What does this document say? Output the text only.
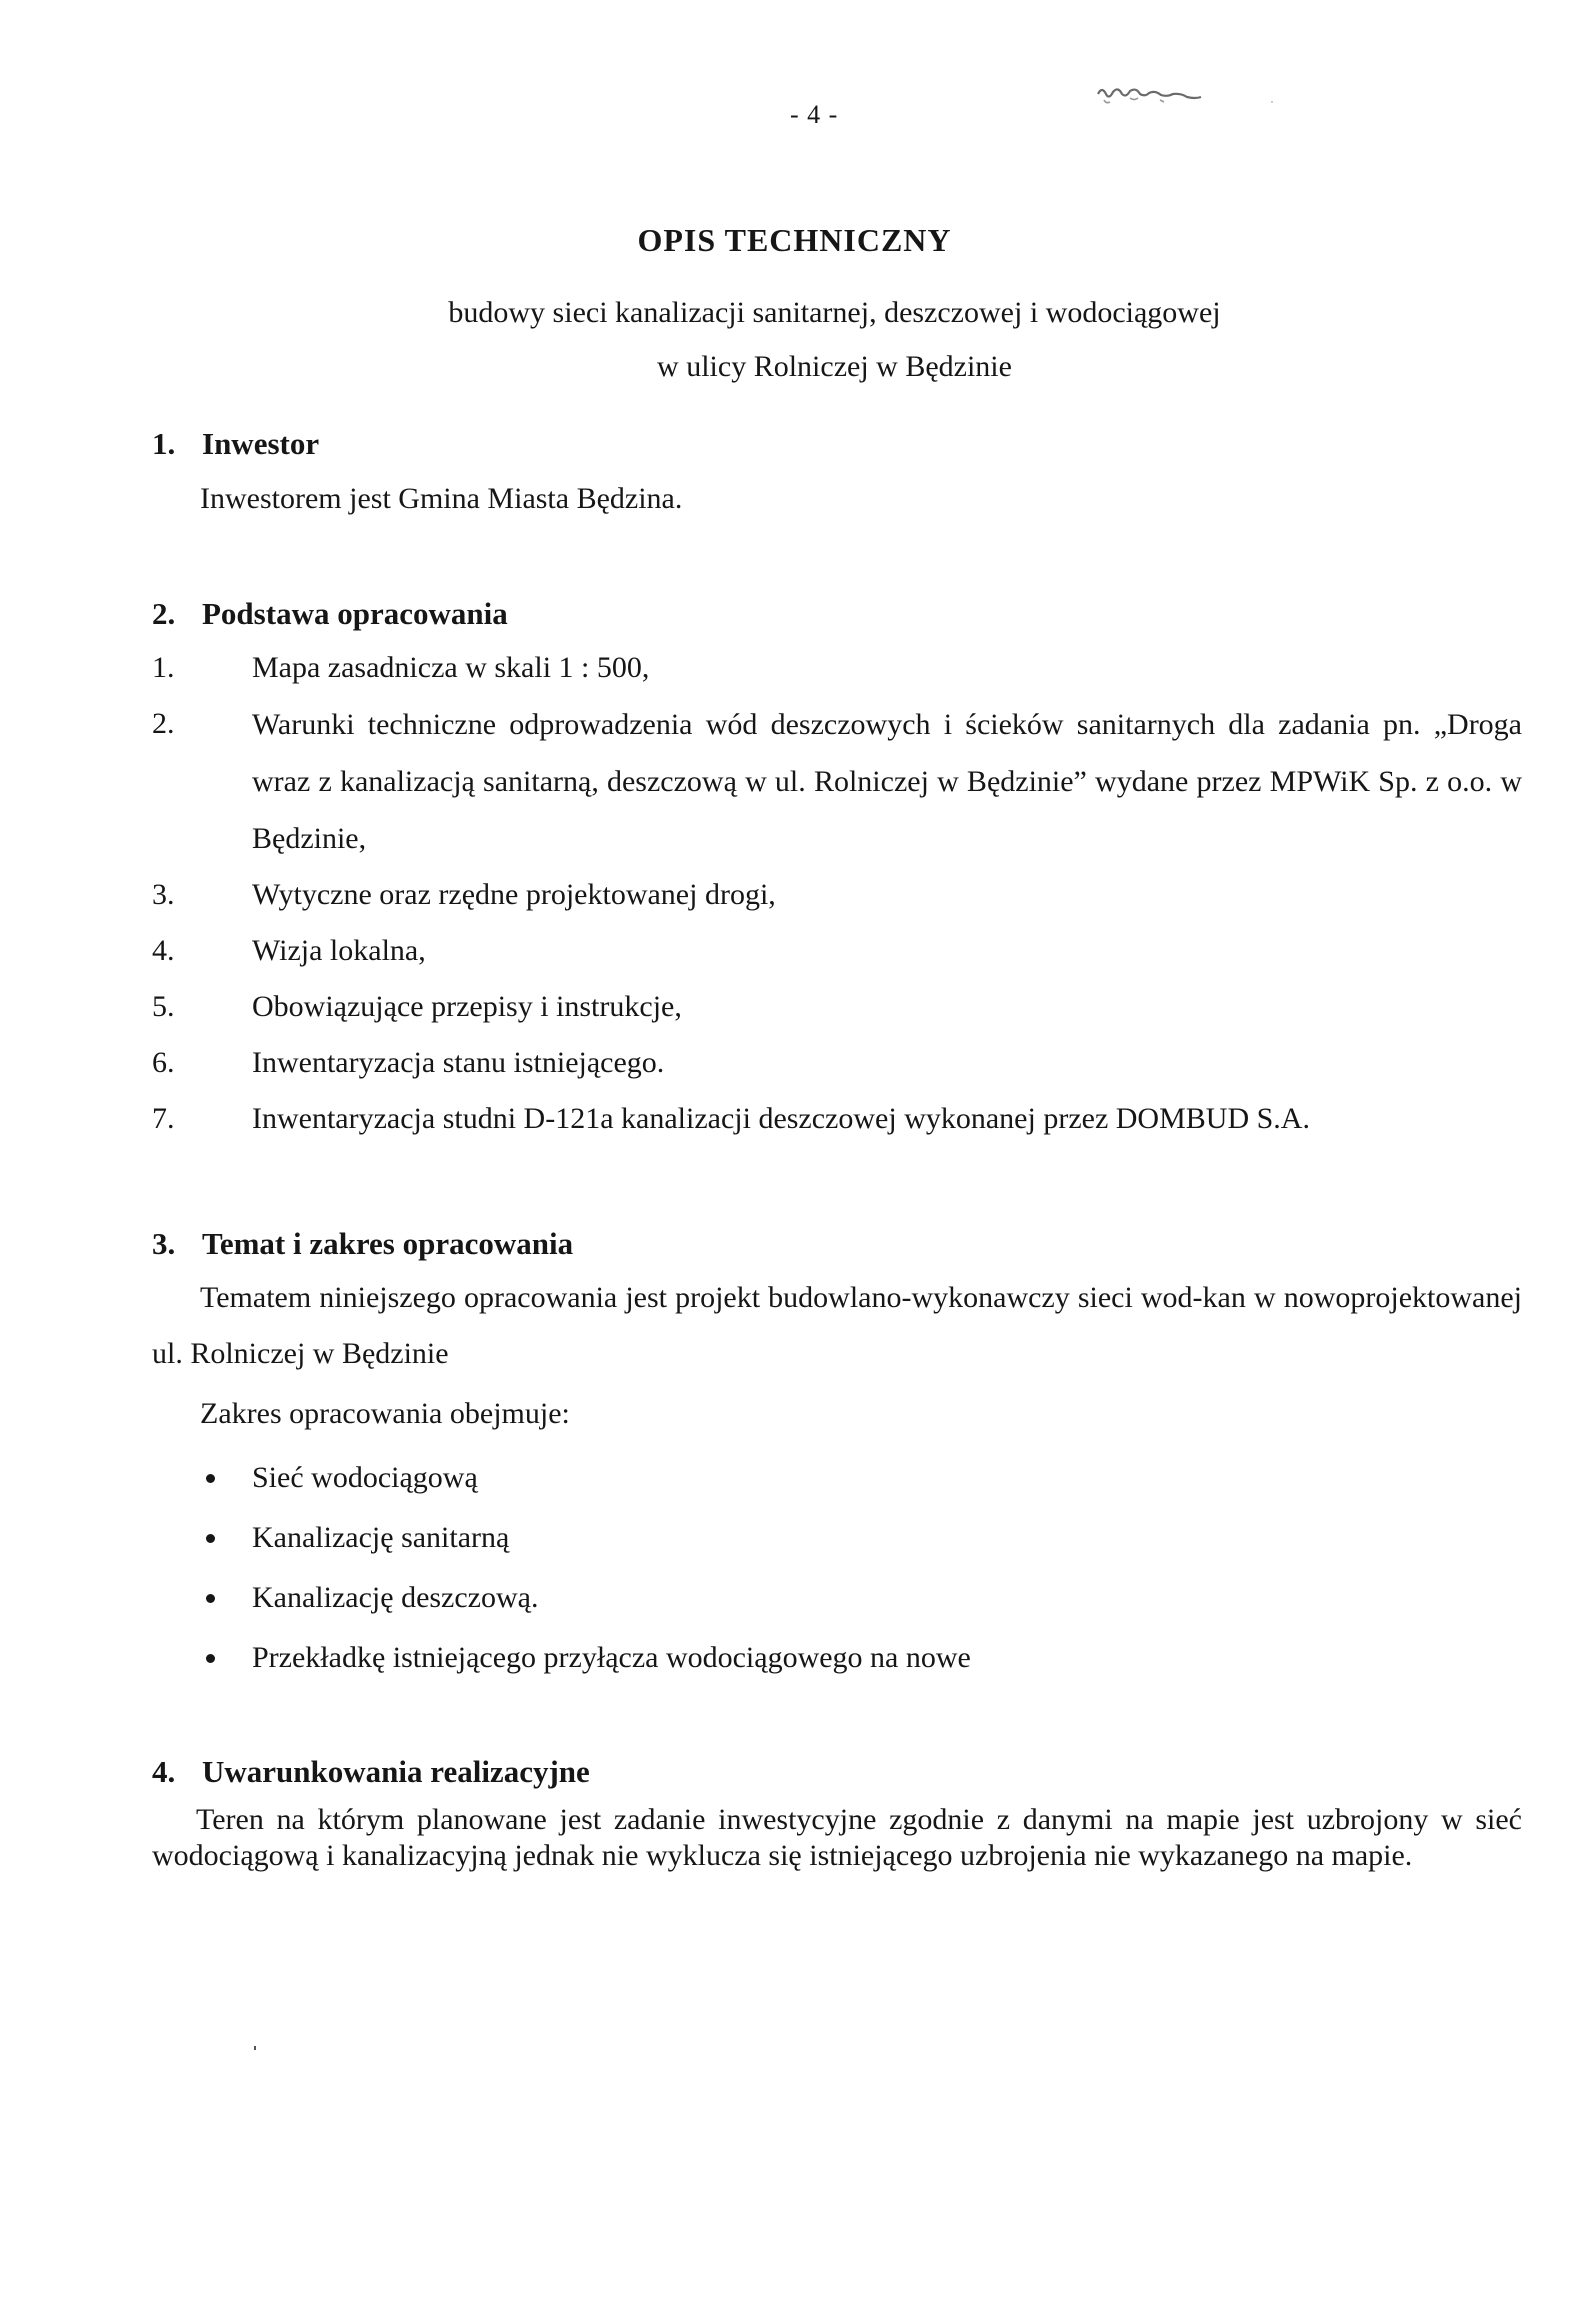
- 4 -
OPIS TECHNICZNY
budowy sieci kanalizacji sanitarnej, deszczowej i wodociągowej
w ulicy Rolniczej w Będzinie
1. Inwestor
Inwestorem jest Gmina Miasta Będzina.
2. Podstawa opracowania
1.	Mapa zasadnicza w skali 1 : 500,
2.	Warunki techniczne odprowadzenia wód deszczowych i ścieków sanitarnych dla zadania pn. „Droga wraz z kanalizacją sanitarną, deszczową w ul. Rolniczej w Będzinie” wydane przez MPWiK Sp. z o.o. w Będzinie,
3.	Wytyczne oraz rzędne projektowanej drogi,
4.	Wizja lokalna,
5.	Obowiązujące przepisy i instrukcje,
6.	Inwentaryzacja stanu istniejącego.
7.	Inwentaryzacja studni D-121a kanalizacji deszczowej wykonanej przez DOMBUD S.A.
3. Temat i zakres opracowania
Tematem niniejszego opracowania jest projekt budowlano-wykonawczy sieci wod-kan w nowoprojektowanej ul. Rolniczej w Będzinie
Zakres opracowania obejmuje:
Sieć wodociągową
Kanalizację sanitarną
Kanalizację deszczową.
Przekładkę istniejącego przyłącza wodociągowego na nowe
4. Uwarunkowania realizacyjne
Teren na którym planowane jest zadanie inwestycyjne zgodnie z danymi na mapie jest uzbrojony w sieć wodociągową i kanalizacyjną jednak nie wyklucza się istniejącego uzbrojenia nie wykazanego na mapie.
